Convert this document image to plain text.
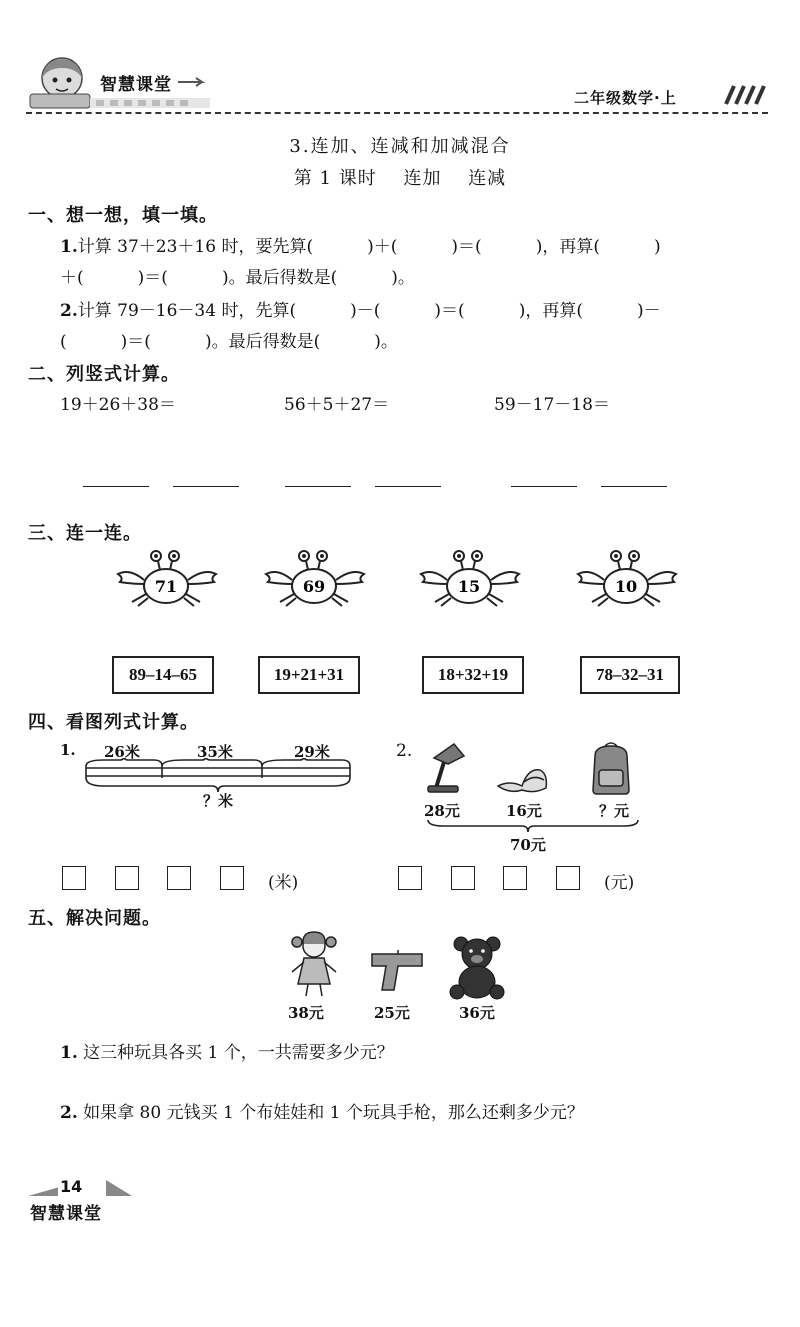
智慧课堂
二年级数学·上
3.连加、连减和加减混合
第 1 课时 连加 连减
一、想一想，填一填。
1.计算 37＋23＋16 时，要先算(          )＋(          )＝(          )，再算(          )
＋(          )＝(          )。最后得数是(          )。
2.计算 79－16－34 时，先算(          )－(          )＝(          )，再算(          )－
(          )＝(          )。最后得数是(          )。
二、列竖式计算。
19＋26＋38＝	56＋5＋27＝	59－17－18＝
三、连一连。
71	69	15	10
89–14–65	19+21+31	18+32+19	78–32–31
四、看图列式计算。
1. 26米	35米	29米
？米
(米)
2.
28元	16元	？元
70元
(元)
五、解决问题。
38元	25元	36元
1. 这三种玩具各买 1 个，一共需要多少元？
2. 如果拿 80 元钱买 1 个布娃娃和 1 个玩具手枪，那么还剩多少元？
14
智慧课堂
